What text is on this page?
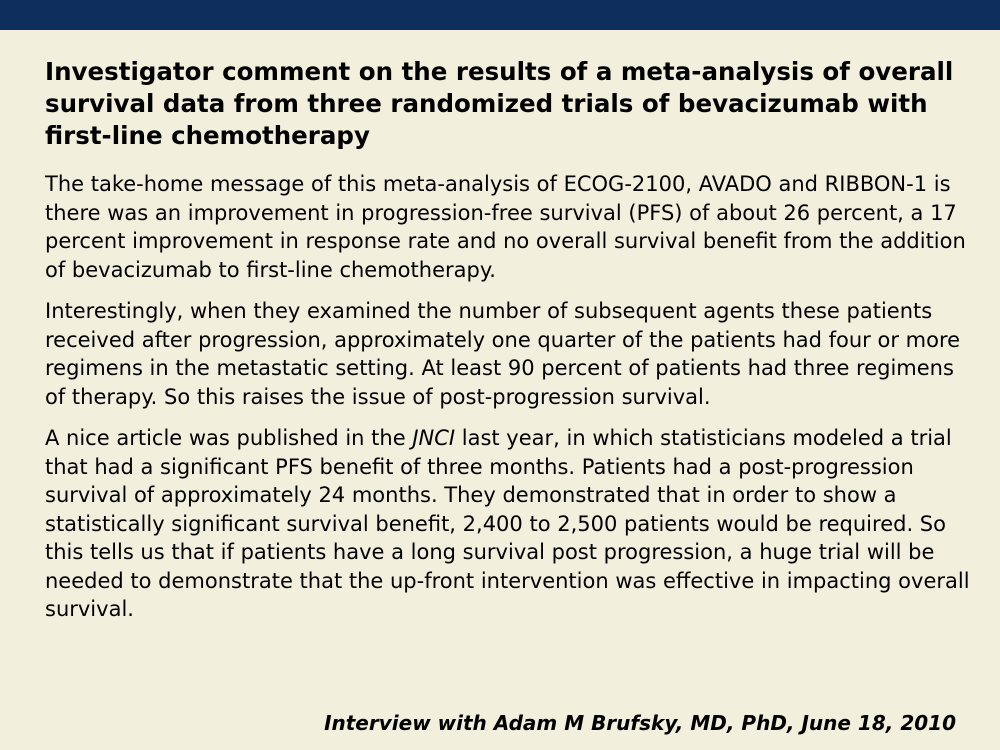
Investigator comment on the results of a meta-analysis of overall survival data from three randomized trials of bevacizumab with first-line chemotherapy

The take-home message of this meta-analysis of ECOG-2100, AVADO and RIBBON-1 is there was an improvement in progression-free survival (PFS) of about 26 percent, a 17 percent improvement in response rate and no overall survival benefit from the addition of bevacizumab to first-line chemotherapy.

Interestingly, when they examined the number of subsequent agents these patients received after progression, approximately one quarter of the patients had four or more regimens in the metastatic setting. At least 90 percent of patients had three regimens of therapy. So this raises the issue of post-progression survival.

A nice article was published in the JNCI last year, in which statisticians modeled a trial that had a significant PFS benefit of three months. Patients had a post-progression survival of approximately 24 months. They demonstrated that in order to show a statistically significant survival benefit, 2,400 to 2,500 patients would be required. So this tells us that if patients have a long survival post progression, a huge trial will be needed to demonstrate that the up-front intervention was effective in impacting overall survival.

Interview with Adam M Brufsky, MD, PhD, June 18, 2010
